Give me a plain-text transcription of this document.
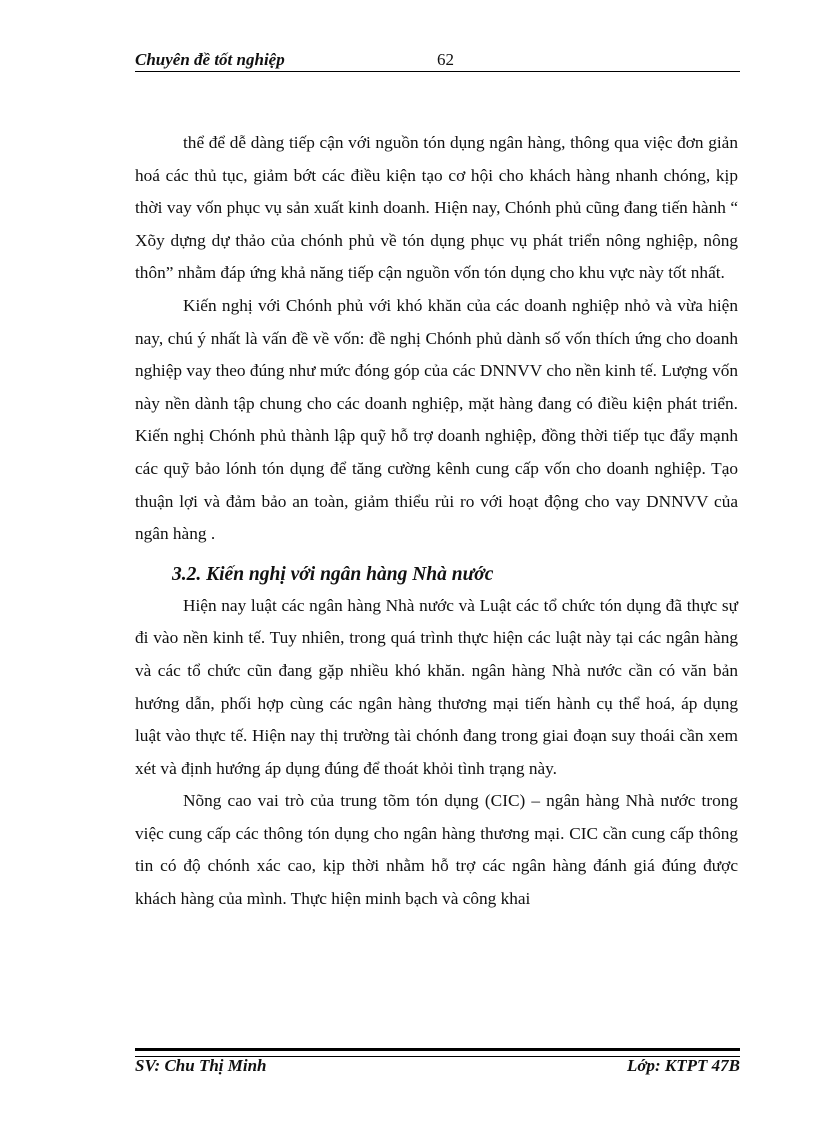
Chuyên đề tốt nghiệp	62

thể để dễ dàng tiếp cận với nguồn tón dụng ngân hàng, thông qua việc đơn giản hoá các thủ tục, giảm bớt các điều kiện tạo cơ hội cho khách hàng nhanh chóng, kịp thời vay vốn phục vụ sản xuất kinh doanh. Hiện nay, Chónh phủ cũng đang tiến hành “ Xõy dựng dự thảo của chónh phủ về tón dụng phục vụ phát triển nông nghiệp, nông thôn” nhằm đáp ứng khả năng tiếp cận nguồn vốn tón dụng cho khu vực này tốt nhất.

Kiến nghị với Chónh phủ với khó khăn của các doanh nghiệp nhỏ và vừa hiện nay, chú ý nhất là vấn đề về vốn: đề nghị Chónh phủ dành số vốn thích ứng cho doanh nghiệp vay theo đúng như mức đóng góp của các DNNVV cho nền kinh tế. Lượng vốn này nền dành tập chung cho các doanh nghiệp, mặt hàng đang có điều kiện phát triển. Kiến nghị Chónh phủ thành lập quỹ hỗ trợ doanh nghiệp, đồng thời tiếp tục đẩy mạnh các quỹ bảo lónh tón dụng để tăng cường kênh cung cấp vốn cho doanh nghiệp. Tạo thuận lợi và đảm bảo an toàn, giảm thiểu rủi ro với hoạt động cho vay DNNVV của ngân hàng .

3.2. Kiến nghị với ngân hàng Nhà nước

Hiện nay luật các ngân hàng Nhà nước và Luật các tổ chức tón dụng đã thực sự đi vào nền kinh tế. Tuy nhiên, trong quá trình thực hiện các luật này tại các ngân hàng và các tổ chức cũn đang gặp nhiều khó khăn. ngân hàng Nhà nước cần có văn bản hướng dẫn, phối hợp cùng các ngân hàng thương mại tiến hành cụ thể hoá, áp dụng luật vào thực tế. Hiện nay thị trường tài chónh đang trong giai đoạn suy thoái cần xem xét và định hướng áp dụng đúng để thoát khỏi tình trạng này.

Nõng cao vai trò của trung tõm tón dụng (CIC) – ngân hàng Nhà nước trong việc cung cấp các thông tón dụng cho ngân hàng thương mại. CIC cần cung cấp thông tin có độ chónh xác cao, kịp thời nhằm hỗ trợ các ngân hàng đánh giá đúng được khách hàng của mình. Thực hiện minh bạch và công khai

SV: Chu Thị Minh	Lớp: KTPT 47B
